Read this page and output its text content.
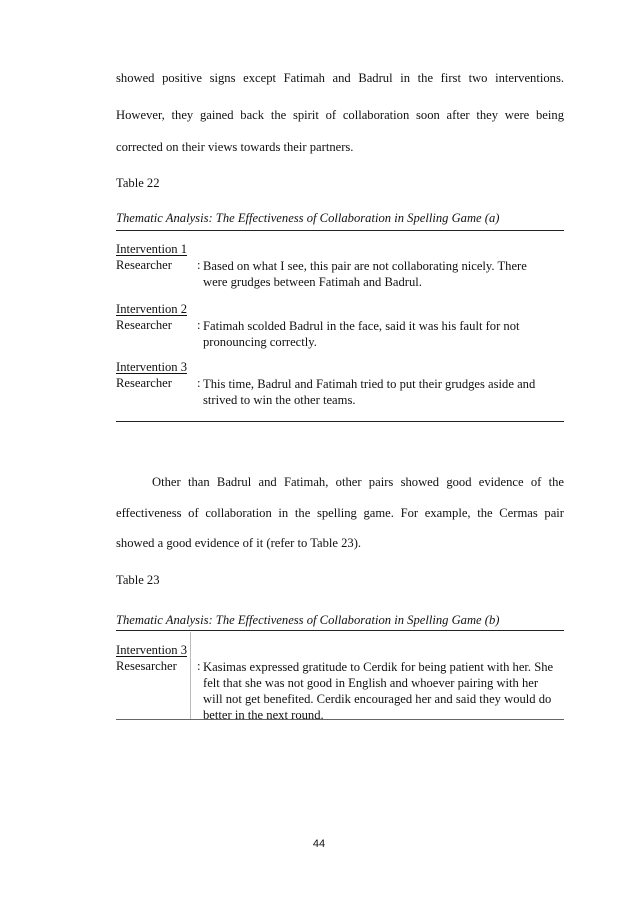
showed positive signs except Fatimah and Badrul in the first two interventions.
However, they gained back the spirit of collaboration soon after they were being
corrected on their views towards their partners.
Table 22
Thematic Analysis: The Effectiveness of Collaboration in Spelling Game (a)
Intervention 1
Researcher : Based on what I see, this pair are not collaborating nicely. There
were grudges between Fatimah and Badrul.
Intervention 2
Researcher : Fatimah scolded Badrul in the face, said it was his fault for not
pronouncing correctly.
Intervention 3
Researcher : This time, Badrul and Fatimah tried to put their grudges aside and
strived to win the other teams.
Other than Badrul and Fatimah, other pairs showed good evidence of the
effectiveness of collaboration in the spelling game. For example, the Cermas pair
showed a good evidence of it (refer to Table 23).
Table 23
Thematic Analysis: The Effectiveness of Collaboration in Spelling Game (b)
Intervention 3
Resesarcher : Kasimas expressed gratitude to Cerdik for being patient with her. She
felt that she was not good in English and whoever pairing with her
will not get benefited. Cerdik encouraged her and said they would do
better in the next round.
44
